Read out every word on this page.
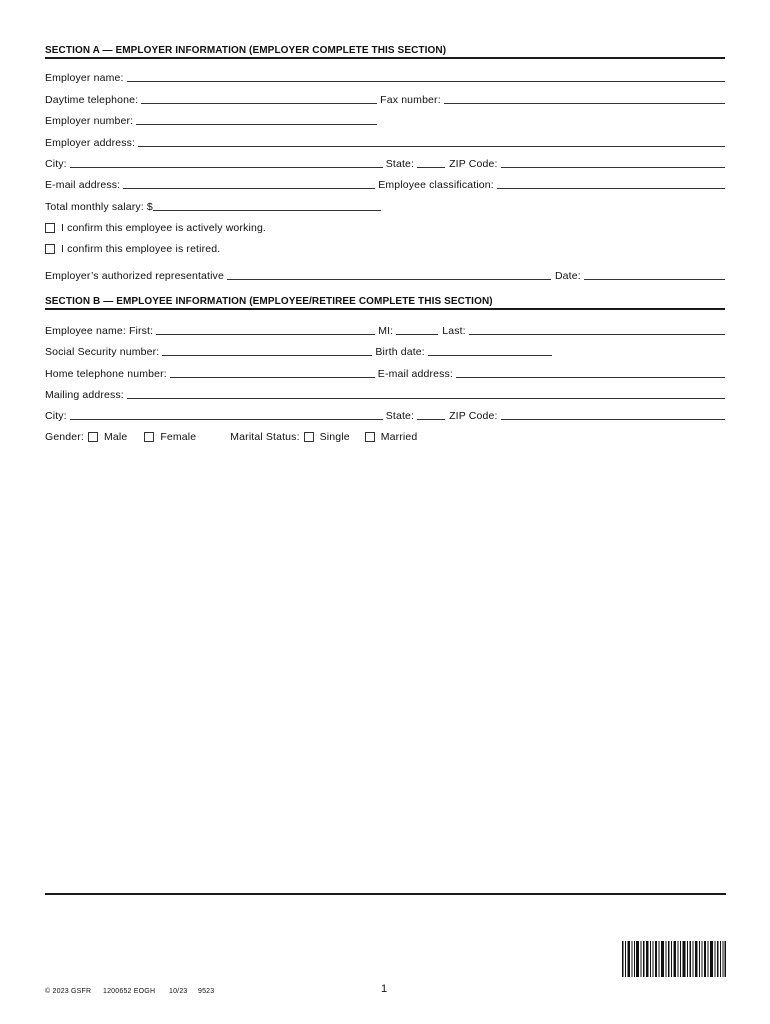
SECTION A — EMPLOYER INFORMATION (EMPLOYER COMPLETE THIS SECTION)
Employer name:
Daytime telephone:	Fax number:
Employer number:
Employer address:
City:	State:	ZIP Code:
E-mail address:	Employee classification:
Total monthly salary: $
I confirm this employee is actively working.
I confirm this employee is retired.
Employer’s authorized representative	Date:
SECTION B — EMPLOYEE INFORMATION (EMPLOYEE/RETIREE COMPLETE THIS SECTION)
Employee name: First:	MI:	Last:
Social Security number:	Birth date:
Home telephone number:	E-mail address:
Mailing address:
City:	State:	ZIP Code:
Gender: Male	Female	Marital Status: Single	Married
© 2023 GSFR 1200652 EOGH 10/23 9523	1
